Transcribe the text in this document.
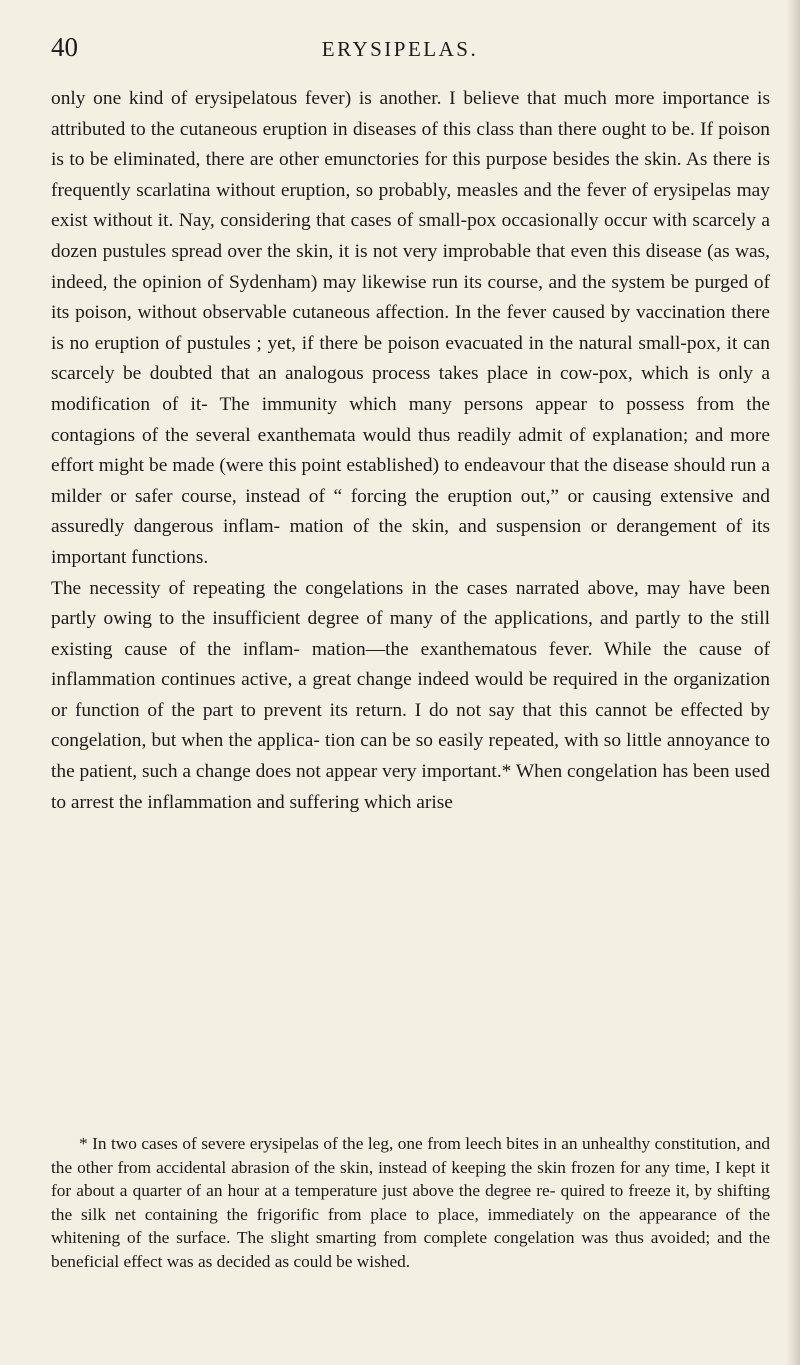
40	ERYSIPELAS.

only one kind of erysipelatous fever) is another. I believe that much more importance is attributed to the cutaneous eruption in diseases of this class than there ought to be. If poison is to be eliminated, there are other emunctories for this purpose besides the skin. As there is frequently scarlatina without eruption, so probably, measles and the fever of erysipelas may exist without it. Nay, considering that cases of small-pox occasionally occur with scarcely a dozen pustules spread over the skin, it is not very improbable that even this disease (as was, indeed, the opinion of Sydenham) may likewise run its course, and the system be purged of its poison, without observable cutaneous affection. In the fever caused by vaccination there is no eruption of pustules ; yet, if there be poison evacuated in the natural small-pox, it can scarcely be doubted that an analogous process takes place in cow-pox, which is only a modification of it- The immunity which many persons appear to possess from the contagions of the several exanthemata would thus readily admit of explanation; and more effort might be made (were this point established) to endeavour that the disease should run a milder or safer course, instead of “ forcing the eruption out,” or causing extensive and assuredly dangerous inflam- mation of the skin, and suspension or derangement of its important functions.

The necessity of repeating the congelations in the cases narrated above, may have been partly owing to the insufficient degree of many of the applications, and partly to the still existing cause of the inflam- mation—the exanthematous fever. While the cause of inflammation continues active, a great change indeed would be required in the organization or function of the part to prevent its return. I do not say that this cannot be effected by congelation, but when the applica- tion can be so easily repeated, with so little annoyance to the patient, such a change does not appear very important.* When congelation has been used to arrest the inflammation and suffering which arise

* In two cases of severe erysipelas of the leg, one from leech bites in an unhealthy constitution, and the other from accidental abrasion of the skin, instead of keeping the skin frozen for any time, I kept it for about a quarter of an hour at a temperature just above the degree re- quired to freeze it, by shifting the silk net containing the frigorific from place to place, immediately on the appearance of the whitening of the surface. The slight smarting from complete congelation was thus avoided; and the beneficial effect was as decided as could be wished.
